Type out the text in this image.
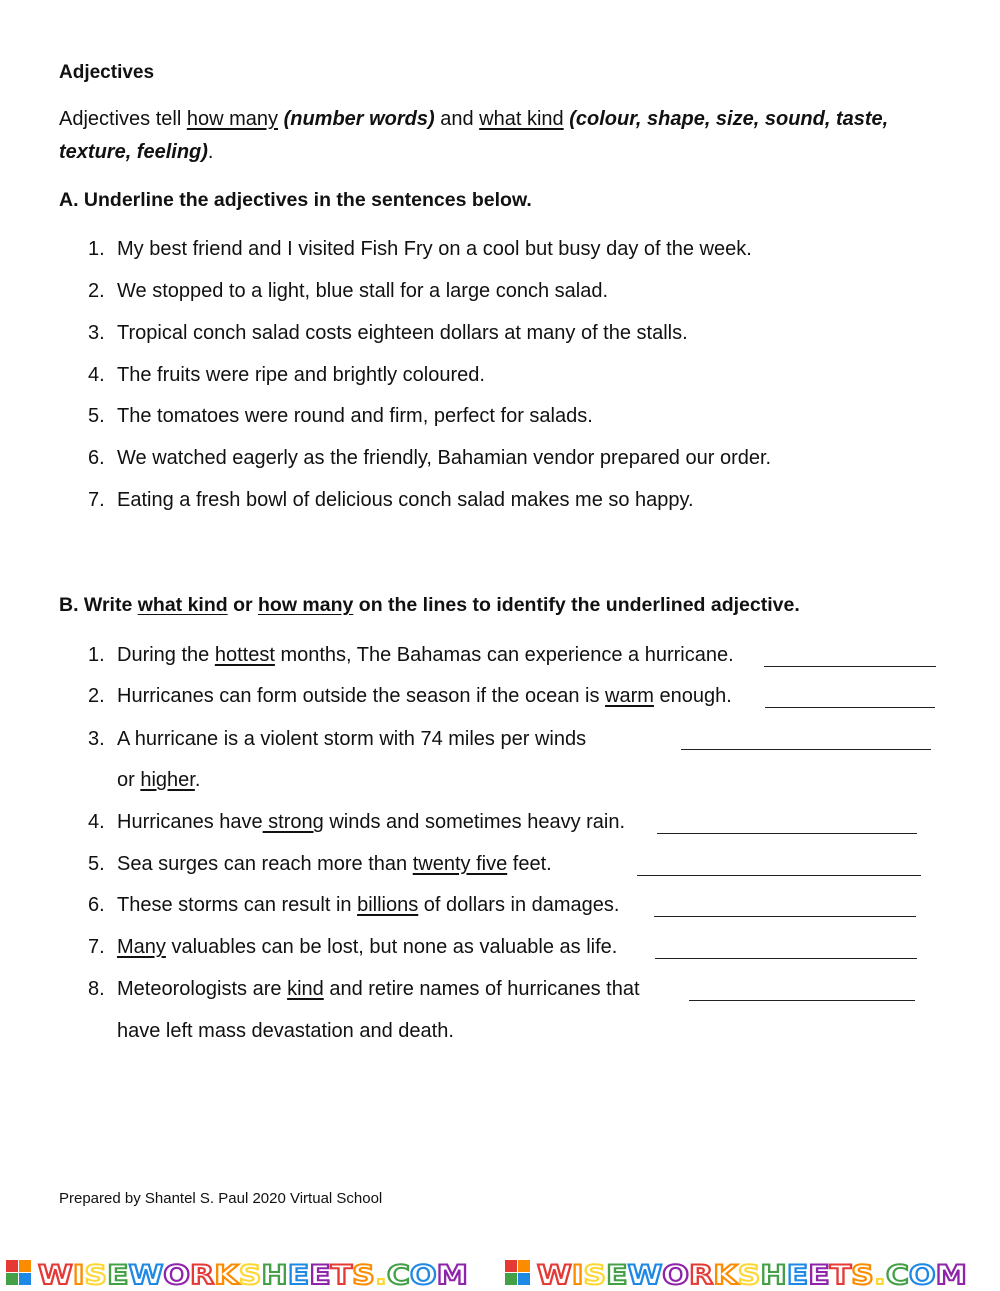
Adjectives
Adjectives tell how many (number words) and what kind (colour, shape, size, sound, taste,
texture, feeling).
A. Underline the adjectives in the sentences below.
1. My best friend and I visited Fish Fry on a cool but busy day of the week.
2. We stopped to a light, blue stall for a large conch salad.
3. Tropical conch salad costs eighteen dollars at many of the stalls.
4. The fruits were ripe and brightly coloured.
5. The tomatoes were round and firm, perfect for salads.
6. We watched eagerly as the friendly, Bahamian vendor prepared our order.
7. Eating a fresh bowl of delicious conch salad makes me so happy.
B. Write what kind or how many on the lines to identify the underlined adjective.
1. During the hottest months, The Bahamas can experience a hurricane.
2. Hurricanes can form outside the season if the ocean is warm enough.
3. A hurricane is a violent storm with 74 miles per winds
or higher.
4. Hurricanes have strong winds and sometimes heavy rain.
5. Sea surges can reach more than twenty five feet.
6. These storms can result in billions of dollars in damages.
7. Many valuables can be lost, but none as valuable as life.
8. Meteorologists are kind and retire names of hurricanes that
have left mass devastation and death.
Prepared by Shantel S. Paul 2020 Virtual School
W IS E W O R K S H E E T S .C O M	W IS E W O R K S H E E T S .C O M
